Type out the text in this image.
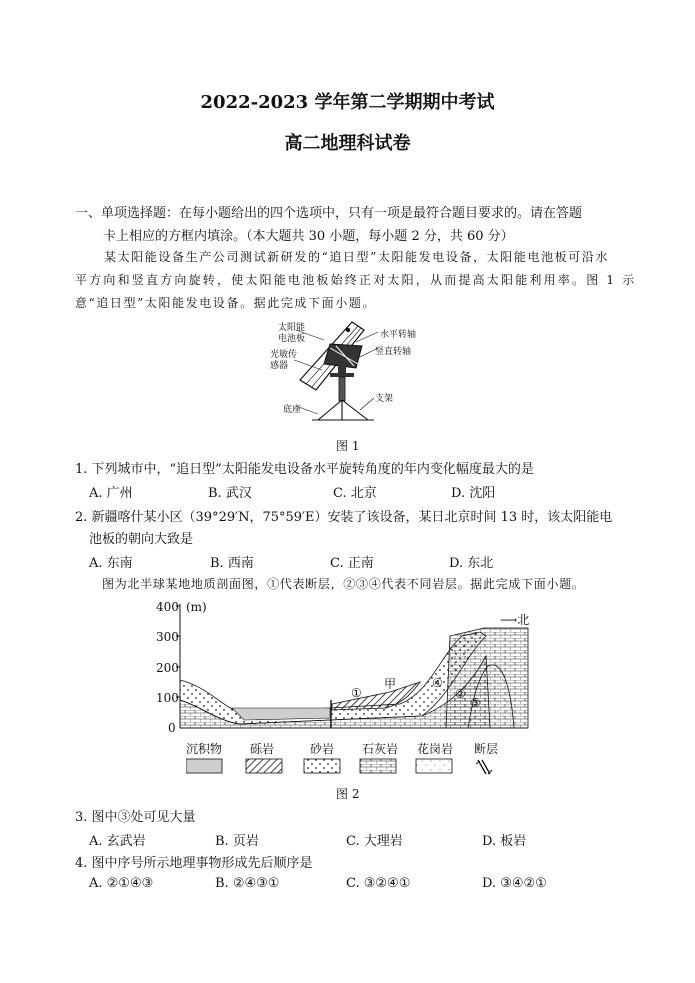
2022-2023 学年第二学期期中考试
高二地理科试卷
一、单项选择题：在每小题给出的四个选项中，只有一项是最符合题目要求的。请在答题
卡上相应的方框内填涂。（本大题共 30 小题，每小题 2 分，共 60 分）
某太阳能设备生产公司测试新研发的“追日型”太阳能发电设备，太阳能电池板可沿水
平方向和竖直方向旋转，使太阳能电池板始终正对太阳，从而提高太阳能利用率。图 1 示
意“追日型”太阳能发电设备。据此完成下面小题。
太阳能
电池板
光敏传
感器
水平转轴
竖直转轴
底座
支架
图 1
1. 下列城市中，“追日型”太阳能发电设备水平旋转角度的年内变化幅度最大的是
A. 广州	B. 武汉	C. 北京	D. 沈阳
2. 新疆喀什某小区（39°29′N，75°59′E）安装了该设备，某日北京时间 13 时，该太阳能电
池板的朝向大致是
A. 东南	B. 西南	C. 正南	D. 东北
图为北半球某地地质剖面图，①代表断层，②③④代表不同岩层。据此完成下面小题。
400 (m)
300
200
100
0
⟶北
甲
①
④
②
③
沉积物 砾岩	砂岩 石灰岩 花岗岩 断层
图 2
3. 图中③处可见大量
A. 玄武岩	B. 页岩	C. 大理岩	D. 板岩
4. 图中序号所示地理事物形成先后顺序是
A. ②①④③	B. ②④③①	C. ③②④①	D. ③④②①
